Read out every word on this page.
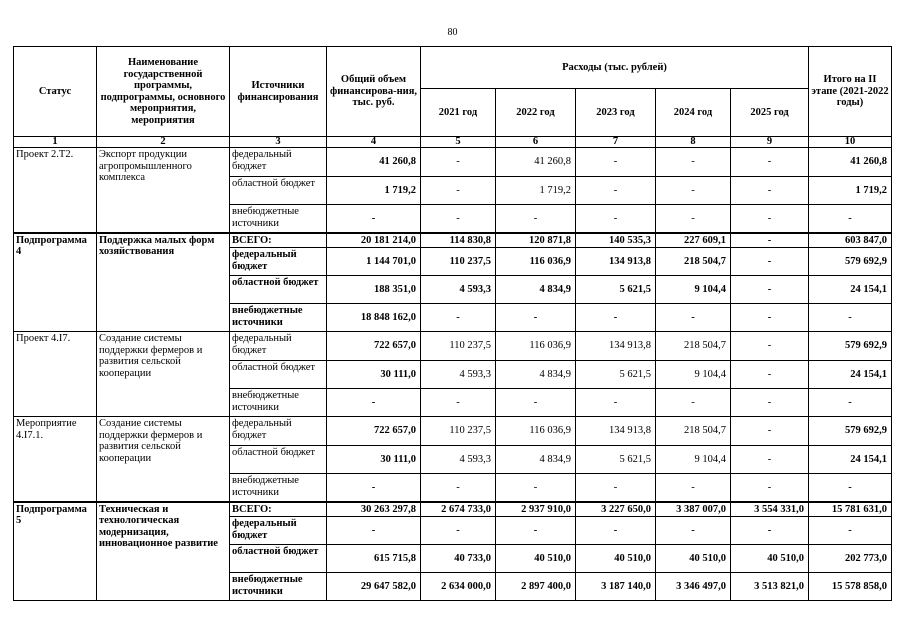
80
Статус	Наименование государственной программы, подпрограммы, основного мероприятия, мероприятия	Источники финансирования	Общий объем финансирова-ния, тыс. руб.	Расходы (тыс. рублей)					Итого на II этапе (2021-2022 годы)
				2021 год	2022 год	2023 год	2024 год	2025 год	
1	2	3	4	5	6	7	8	9	10
Проект 2.Т2.	Экспорт продукции агропромышленного комплекса	федеральный бюджет	41 260,8	-	41 260,8	-	-	-	41 260,8
		областной бюджет	1 719,2	-	1 719,2	-	-	-	1 719,2
		внебюджетные источники	-	-	-	-	-	-	-
Подпрограмма 4	Поддержка малых форм хозяйствования	ВСЕГО:	20 181 214,0	114 830,8	120 871,8	140 535,3	227 609,1	-	603 847,0
		федеральный бюджет	1 144 701,0	110 237,5	116 036,9	134 913,8	218 504,7	-	579 692,9
		областной бюджет	188 351,0	4 593,3	4 834,9	5 621,5	9 104,4	-	24 154,1
		внебюджетные источники	18 848 162,0	-	-	-	-	-	-
Проект 4.I7.	Создание системы поддержки фермеров и развития сельской кооперации	федеральный бюджет	722 657,0	110 237,5	116 036,9	134 913,8	218 504,7	-	579 692,9
		областной бюджет	30 111,0	4 593,3	4 834,9	5 621,5	9 104,4	-	24 154,1
		внебюджетные источники	-	-	-	-	-	-	-
Мероприятие 4.I7.1.	Создание системы поддержки фермеров и развития сельской кооперации	федеральный бюджет	722 657,0	110 237,5	116 036,9	134 913,8	218 504,7	-	579 692,9
		областной бюджет	30 111,0	4 593,3	4 834,9	5 621,5	9 104,4	-	24 154,1
		внебюджетные источники	-	-	-	-	-	-	-
Подпрограмма 5	Техническая и технологическая модернизация, инновационное развитие	ВСЕГО:	30 263 297,8	2 674 733,0	2 937 910,0	3 227 650,0	3 387 007,0	3 554 331,0	15 781 631,0
		федеральный бюджет	-	-	-	-	-	-	-
		областной бюджет	615 715,8	40 733,0	40 510,0	40 510,0	40 510,0	40 510,0	202 773,0
		внебюджетные источники	29 647 582,0	2 634 000,0	2 897 400,0	3 187 140,0	3 346 497,0	3 513 821,0	15 578 858,0
